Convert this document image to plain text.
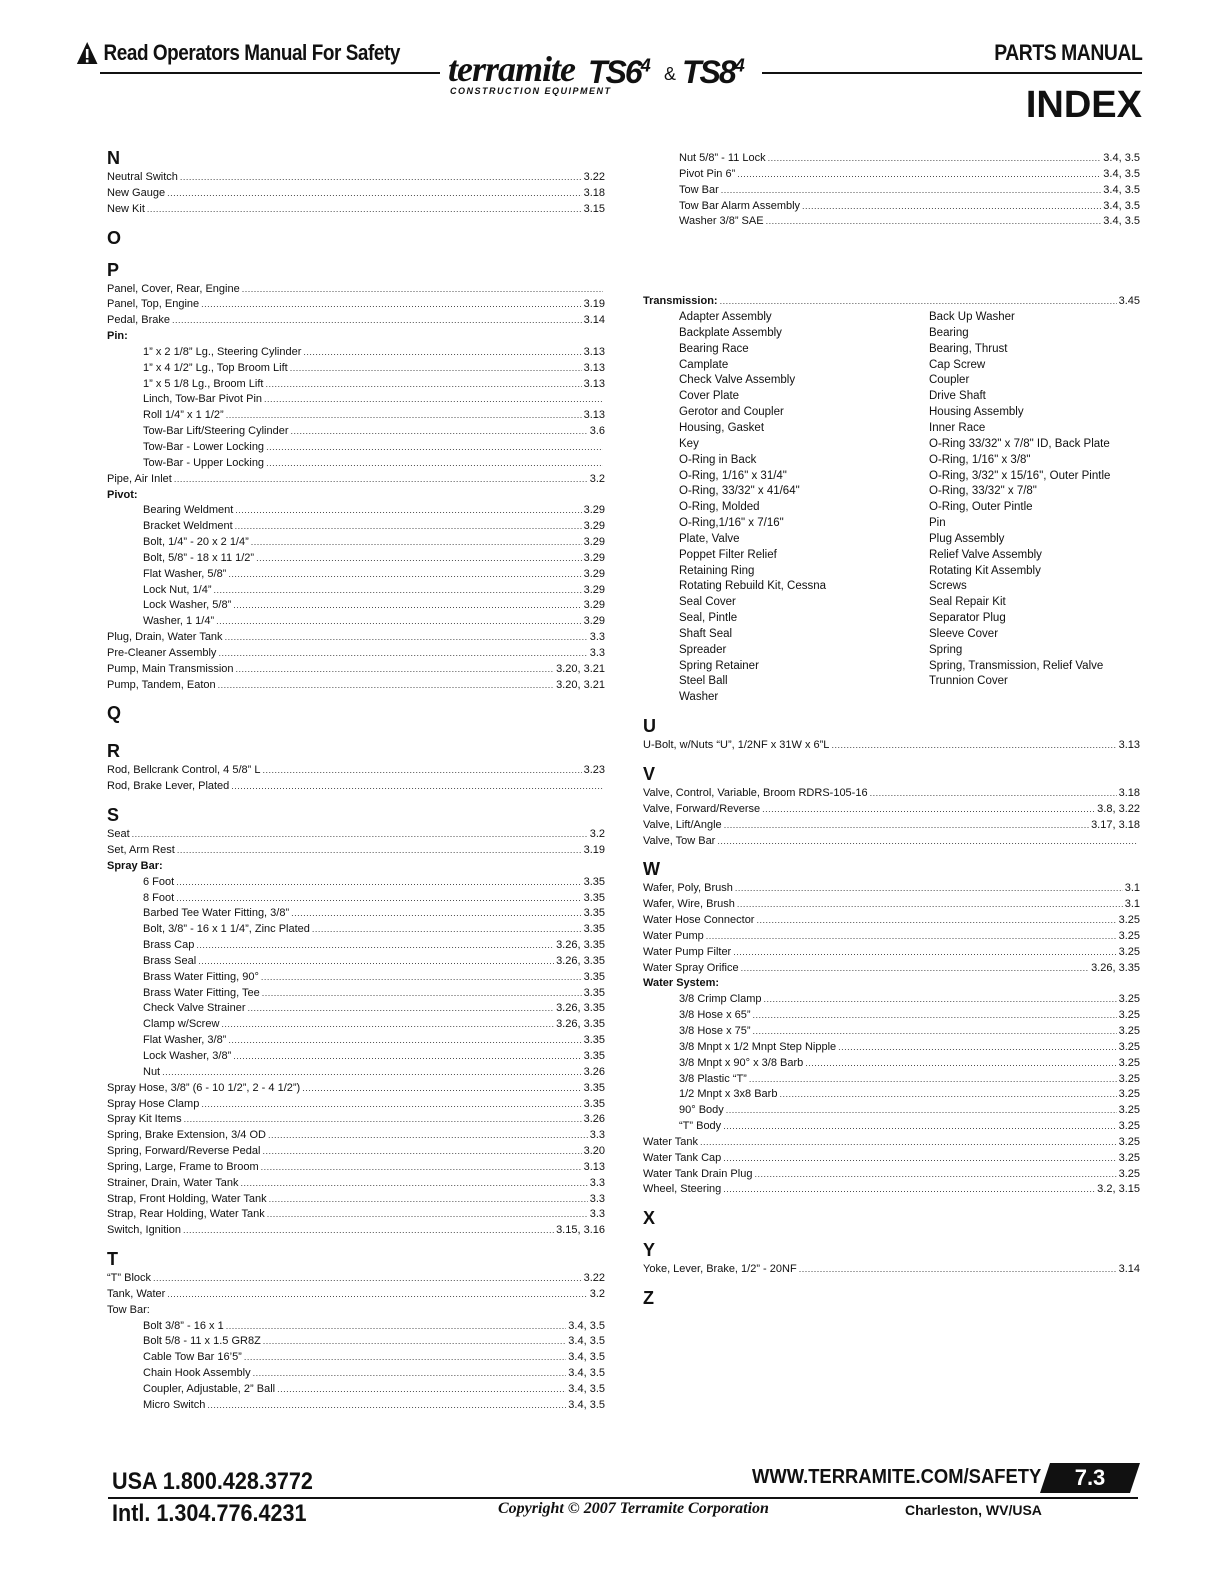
Read Operators Manual For Safety terramite
CONSTRUCTION EQUIPMENT
$TS6^4$ & $TS8^4$
PARTS MANUAL
INDEX
N
Neutral Switch .....	3.22
New Gauge .....	3.18
New Kit .....	3.15
O
P
Panel, Cover, Rear, Engine
.....
Panel, Top, Engine .....	3.19
Pedal, Brake .....	3.14
Pin:
1” x 2 1/8” Lg., Steering Cylinder .....	3.13
1” x 4 1/2” Lg., Top Broom Lift .....	3.13
1” x 5 1/8 Lg., Broom Lift .....	3.13
Linch, Tow-Bar Pivot Pin
.....
Roll 1/4” x 1 1/2” .....	3.13
Tow-Bar Lift/Steering Cylinder .....	3.6
Tow-Bar - Lower Locking
.....
Tow-Bar - Upper Locking
.....
Pipe, Air Inlet .....	3.2
Pivot:
Bearing Weldment .....	3.29
Bracket Weldment .....	3.29
Bolt, 1/4” - 20 x 2 1/4” .....	3.29
Bolt, 5/8” - 18 x 11 1/2” .....	3.29
Flat Washer, 5/8” .....	3.29
Lock Nut, 1/4” .....	3.29
Lock Washer, 5/8” .....	3.29
Washer, 1 1/4” .....	3.29
Plug, Drain, Water Tank .....	3.3
Pre-Cleaner Assembly .....	3.3
Pump, Main Transmission .....	3.20, 3.21
Pump, Tandem, Eaton .....	3.20, 3.21
Q
R
Rod, Bellcrank Control, 4 5/8” L .....	3.23
Rod, Brake Lever, Plated
.....
S
Seat .....	3.2
Set, Arm Rest .....	3.19
Spray Bar:
6 Foot .....	3.35
8 Foot .....	3.35
Barbed Tee Water Fitting, 3/8” .....	3.35
Bolt, 3/8” - 16 x 1 1/4”, Zinc Plated .....	3.35
Brass Cap .....	3.26, 3.35
Brass Seal .....	3.26, 3.35
Brass Water Fitting, 90° .....	3.35
Brass Water Fitting, Tee .....	3.35
Check Valve Strainer .....	3.26, 3.35
Clamp w/Screw .....	3.26, 3.35
Flat Washer, 3/8” .....	3.35
Lock Washer, 3/8” .....	3.35
Nut .....	3.26
Spray Hose, 3/8” (6 - 10 1/2”, 2 - 4 1/2”) .....	3.35
Spray Hose Clamp .....	3.35
Spray Kit Items .....	3.26
Spring, Brake Extension, 3/4 OD .....	3.3
Spring, Forward/Reverse Pedal .....	3.20
Spring, Large, Frame to Broom .....	3.13
Strainer, Drain, Water Tank .....	3.3
Strap, Front Holding, Water Tank .....	3.3
Strap, Rear Holding, Water Tank .....	3.3
Switch, Ignition .....	3.15, 3.16
T
“T” Block .....	3.22
Tank, Water .....	3.2
Tow Bar:
Bolt 3/8” - 16 x 1 .....	3.4, 3.5
Bolt 5/8 - 11 x 1.5 GR8Z .....	3.4, 3.5
Cable Tow Bar 16’5” .....	3.4, 3.5
Chain Hook Assembly .....	3.4, 3.5
Coupler, Adjustable, 2” Ball .....	3.4, 3.5
Micro Switch .....	3.4, 3.5
Nut 5/8” - 11 Lock .....	3.4, 3.5
Pivot Pin 6” .....	3.4, 3.5
Tow Bar .....	3.4, 3.5
Tow Bar Alarm Assembly .....	3.4, 3.5
Washer 3/8” SAE .....	3.4, 3.5
Transmission: .....	3.45
Adapter Assembly	Back Up Washer
Backplate Assembly	Bearing
Bearing Race	Bearing, Thrust
Camplate	Cap Screw
Check Valve Assembly	Coupler
Cover Plate	Drive Shaft
Gerotor and Coupler	Housing Assembly
Housing, Gasket	Inner Race
Key	O-Ring 33/32" x 7/8" ID, Back Plate
O-Ring in Back	O-Ring, 1/16" x 3/8"
O-Ring, 1/16" x 31/4"	O-Ring, 3/32" x 15/16", Outer Pintle
O-Ring, 33/32" x 41/64"	O-Ring, 33/32" x 7/8"
O-Ring, Molded	O-Ring, Outer Pintle
O-Ring,1/16" x 7/16"	Pin
Plate, Valve	Plug Assembly
Poppet Filter Relief	Relief Valve Assembly
Retaining Ring	Rotating Kit Assembly
Rotating Rebuild Kit, Cessna	Screws
Seal Cover	Seal Repair Kit
Seal, Pintle	Separator Plug
Shaft Seal	Sleeve Cover
Spreader	Spring
Spring Retainer	Spring, Transmission, Relief Valve
Steel Ball	Trunnion Cover
Washer
U
U-Bolt, w/Nuts “U”, 1/2NF x 31W x 6”L .....	3.13
V
Valve, Control, Variable, Broom RDRS-105-16 .....	3.18
Valve, Forward/Reverse .....	3.8, 3.22
Valve, Lift/Angle .....	3.17, 3.18
Valve, Tow Bar
.....
W
Wafer, Poly, Brush .....	3.1
Wafer, Wire, Brush .....	3.1
Water Hose Connector .....	3.25
Water Pump .....	3.25
Water Pump Filter .....	3.25
Water Spray Orifice .....	3.26, 3.35
Water System:
3/8 Crimp Clamp .....	3.25
3/8 Hose x 65” .....	3.25
3/8 Hose x 75” .....	3.25
3/8 Mnpt x 1/2 Mnpt Step Nipple .....	3.25
3/8 Mnpt x 90° x 3/8 Barb .....	3.25
3/8 Plastic “T” .....	3.25
1/2 Mnpt x 3x8 Barb .....	3.25
90° Body .....	3.25
“T” Body .....	3.25
Water Tank .....	3.25
Water Tank Cap .....	3.25
Water Tank Drain Plug .....	3.25
Wheel, Steering .....	3.2, 3.15
X
Y
Yoke, Lever, Brake, 1/2” - 20NF .....	3.14
Z
USA 1.800.428.3772
Intl. 1.304.776.4231
WWW.TERRAMITE.COM/SAFETY	7.3
Copyright © 2007 Terramite Corporation	Charleston, WV/USA
